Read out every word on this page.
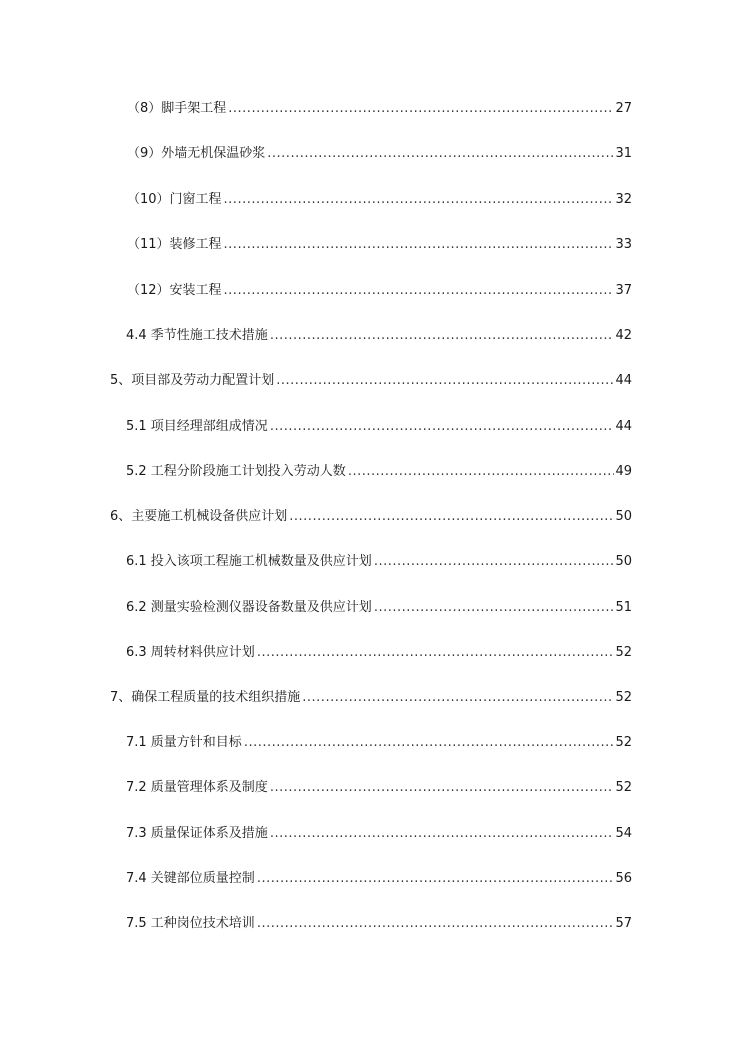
（8）脚手架工程 .....	27
（9）外墙无机保温砂浆 .....	31
（10）门窗工程 .....	32
（11）装修工程 .....	33
（12）安装工程 .....	37
4.4 季节性施工技术措施 .....	42
5、项目部及劳动力配置计划 .....	44
5.1 项目经理部组成情况 .....	44
5.2 工程分阶段施工计划投入劳动人数 .....	49
6、主要施工机械设备供应计划 .....	50
6.1 投入该项工程施工机械数量及供应计划 .....	50
6.2 测量实验检测仪器设备数量及供应计划 .....	51
6.3 周转材料供应计划 .....	52
7、确保工程质量的技术组织措施 .....	52
7.1 质量方针和目标 .....	52
7.2 质量管理体系及制度 .....	52
7.3 质量保证体系及措施 .....	54
7.4 关键部位质量控制 .....	56
7.5 工种岗位技术培训 .....	57
